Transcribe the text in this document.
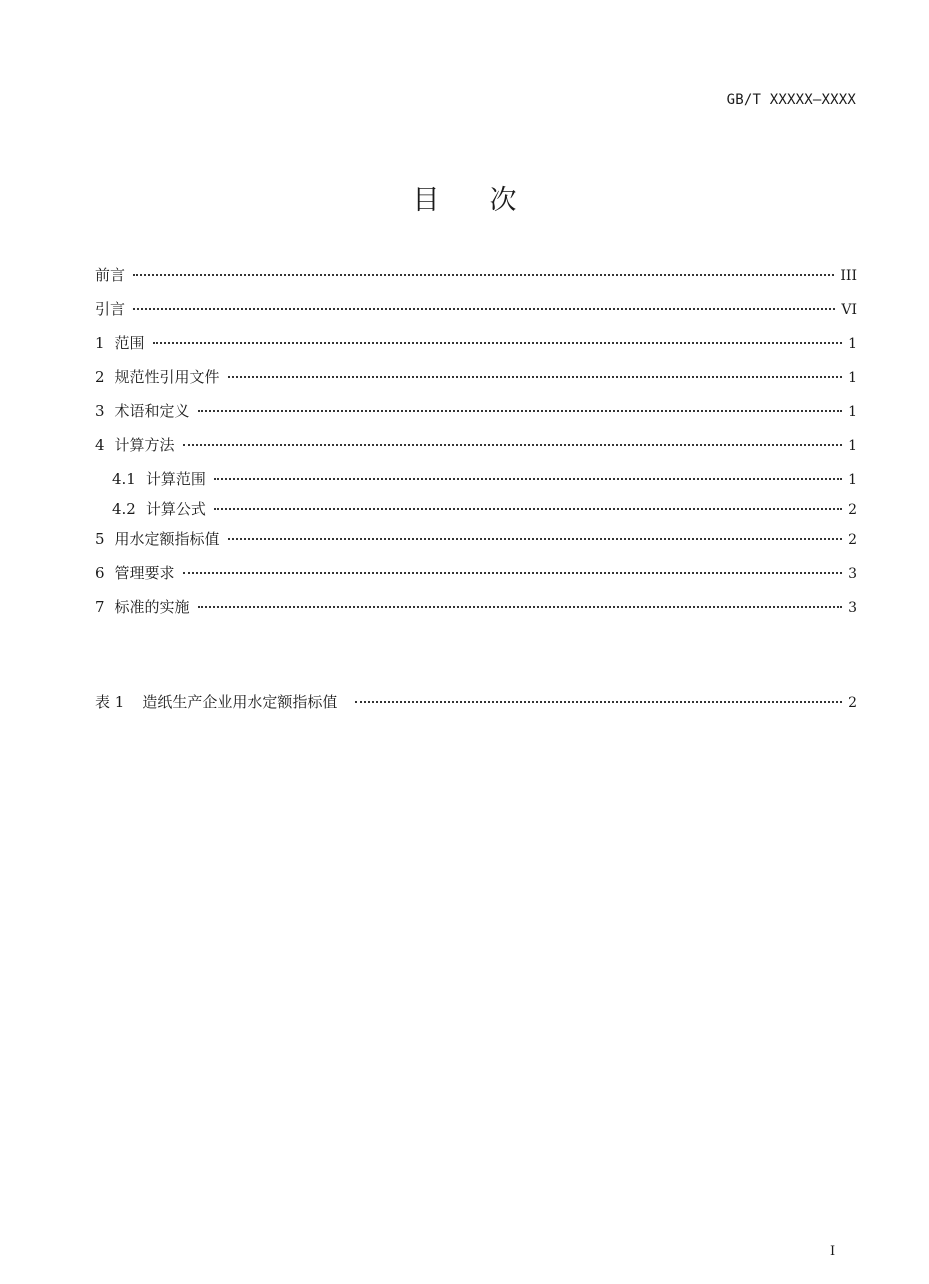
GB/T XXXXX—XXXX
目 次
前言	III
引言	VI
1 范围	1
2 规范性引用文件	1
3 术语和定义	1
4 计算方法	1
4.1 计算范围	1
4.2 计算公式	2
5 用水定额指标值	2
6 管理要求	3
7 标准的实施	3
表 1 造纸生产企业用水定额指标值	2
I
